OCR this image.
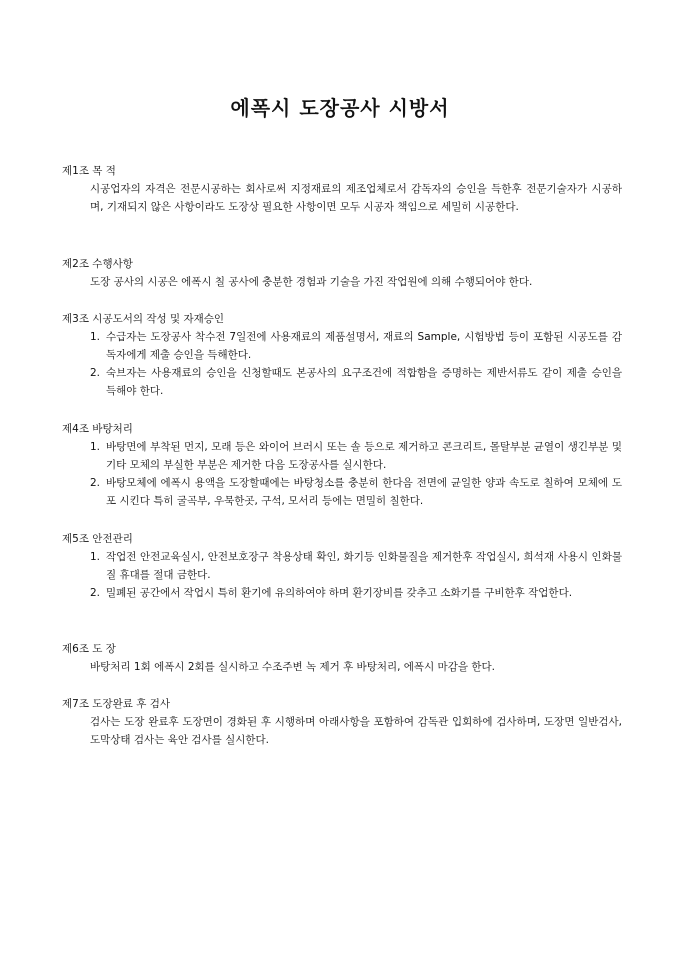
에폭시 도장공사 시방서

제1조 목 적

시공업자의 자격은 전문시공하는 회사로써 지정재료의 제조업체로서 감독자의 승인을 득한후 전문기술자가 시공하며, 기재되지 않은 사항이라도 도장상 필요한 사항이면 모두 시공자 책임으로 세밀히 시공한다.

제2조 수행사항

도장 공사의 시공은 에폭시 칠 공사에 충분한 경험과 기술을 가진 작업원에 의해 수행되어야 한다.

제3조 시공도서의 작성 및 자재승인

1. 수급자는 도장공사 착수전 7일전에 사용재료의 제품설명서, 재료의 Sample, 시험방법 등이 포함된 시공도를 감독자에게 제출 승인을 득해한다.
2. 숙브자는 사용재료의 승인을 신청할때도 본공사의 요구조건에 적합함을 증명하는 제반서류도 같이 제출 승인을 득해야 한다.

제4조 바탕처리

1. 바탕면에 부착된 먼지, 모래 등은 와이어 브러시 또는 솔 등으로 제거하고 콘크리트, 몰탈부분 균열이 생긴부분 및 기타 모체의 부실한 부분은 제거한 다음 도장공사를 실시한다.
2. 바탕모체에 에폭시 용액을 도장할때에는 바탕청소를 충분히 한다음 전면에 균일한 양과 속도로 칠하여 모체에 도포 시킨다 특히 굴곡부, 우묵한곳, 구석, 모서리 등에는 면밀히 칠한다.

제5조 안전관리

1. 작업전 안전교육실시, 안전보호장구 착용상태 확인, 화기등 인화물질을 제거한후 작업실시, 희석재 사용시 인화물질 휴대를 절대 금한다.
2. 밀폐된 공간에서 작업시 특히 환기에 유의하여야 하며 환기장비를 갖추고 소화기를 구비한후 작업한다.

제6조 도 장

바탕처리 1회 에폭시 2회를 실시하고 수조주변 녹 제거 후 바탕처리, 에폭시 마감을 한다.

제7조 도장완료 후 검사

검사는 도장 완료후 도장면이 경화된 후 시행하며 아래사항을 포함하여 감독관 입회하에 검사하며, 도장면 일반검사, 도막상태 검사는 육안 검사를 실시한다.
